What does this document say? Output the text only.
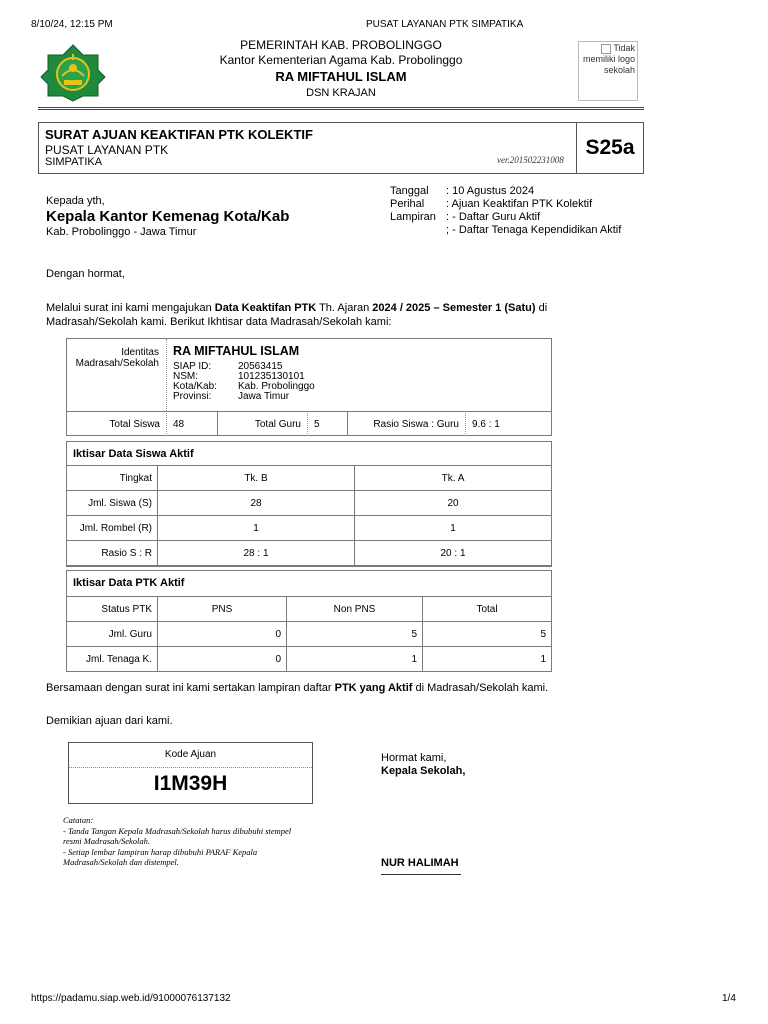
8/10/24, 12:15 PM	PUSAT LAYANAN PTK SIMPATIKA
PEMERINTAH KAB. PROBOLINGGO
Kantor Kementerian Agama Kab. Probolinggo
RA MIFTAHUL ISLAM
DSN KRAJAN
Tidak memiliki logo sekolah
SURAT AJUAN KEAKTIFAN PTK KOLEKTIF
PUSAT LAYANAN PTK
SIMPATIKA	ver.201502231008
S25a
Kepada yth,
Kepala Kantor Kemenag Kota/Kab
Kab. Probolinggo - Jawa Timur
Tanggal : 10 Agustus 2024
Perihal : Ajuan Keaktifan PTK Kolektif
Lampiran : - Daftar Guru Aktif
; - Daftar Tenaga Kependidikan Aktif
Dengan hormat,
Melalui surat ini kami mengajukan Data Keaktifan PTK Th. Ajaran 2024 / 2025 – Semester 1 (Satu) di
Madrasah/Sekolah kami. Berikut Ikhtisar data Madrasah/Sekolah kami:
Identitas Madrasah/Sekolah
RA MIFTAHUL ISLAM
SIAP ID:	20563415
NSM:	101235130101
Kota/Kab: Kab. Probolinggo
Provinsi:	Jawa Timur
Total Siswa 48	Total Guru 5	Rasio Siswa : Guru 9.6 : 1
Iktisar Data Siswa Aktif
Tingkat	Tk. B	Tk. A
Jml. Siswa (S)	28	20
Jml. Rombel (R)	1	1
Rasio S : R	28 : 1	20 : 1
Iktisar Data PTK Aktif
Status PTK	PNS	Non PNS	Total
Jml. Guru	0	5	5
Jml. Tenaga K.	0	1	1
Bersamaan dengan surat ini kami sertakan lampiran daftar PTK yang Aktif di Madrasah/Sekolah kami.
Demikian ajuan dari kami.
Kode Ajuan
I1M39H
Hormat kami,
Kepala Sekolah,
NUR HALIMAH
Catatan:
- Tanda Tangan Kepala Madrasah/Sekolah harus dibubuhi stempel
resmi Madrasah/Sekolah.
- Setiap lembar lampiran harap dibubuhi PARAF Kepala
Madrasah/Sekolah dan distempel.
https://padamu.siap.web.id/91000076137132	1/4
